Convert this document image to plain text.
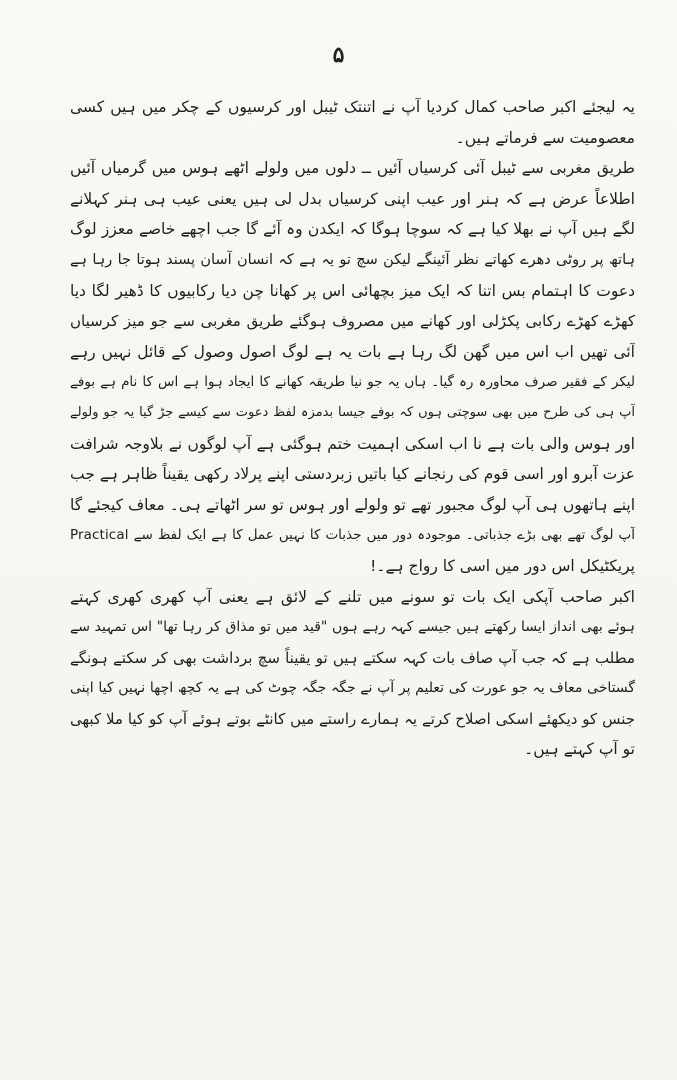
۵
یہ لیجئے اکبر صاحب کمال کردیا آپ نے اتنتک ٹیبل اور کرسیوں کے چکر میں ہیں کسی
معصومیت سے فرماتے ہیں۔
طریق مغربی سے ٹیبل آئی کرسیاں آئیں ــ دلوں میں ولولے اٹھے ہوس میں گرمیاں آئیں
اطلاعاً عرض ہے کہ ہنر اور عیب اپنی کرسیاں بدل لی ہیں یعنی عیب ہی ہنر کہلانے
لگے ہیں آپ نے بھلا کیا ہے کہ سوچا ہوگا کہ ایکدن وہ آئے گا جب اچھے خاصے معزز لوگ
ہاتھ پر روٹی دھرے کھاتے نظر آئینگے لیکن سچ تو یہ ہے کہ انسان آسان پسند ہوتا جا رہا ہے
دعوت کا اہتمام بس اتنا کہ ایک میز بچھائی اس پر کھانا چن دیا رکابیوں کا ڈھیر لگا دیا
کھڑے کھڑے رکابی پکڑلی اور کھانے میں مصروف ہوگئے طریق مغربی سے جو میز کرسیاں
آئی تھیں اب اس میں گھن لگ رہا ہے بات یہ ہے لوگ اصول وصول کے قائل نہیں رہے
لیکر کے فقیر صرف محاورہ رہ گیا۔ ہاں یہ جو نیا طریقہ کھانے کا ایجاد ہوا ہے اس کا نام ہے بوفے
آپ ہی کی طرح میں بھی سوچتی ہوں کہ بوفے جیسا بدمزہ لفظ دعوت سے کیسے جڑ گیا یہ جو ولولے
اور ہوس والی بات ہے نا اب اسکی اہمیت ختم ہوگئی ہے آپ لوگوں نے بلاوجہ شرافت
عزت آبرو اور اسی قوم کی رنجانے کیا باتیں زبردستی اپنے پرلاد رکھی یقیناً ظاہر ہے جب
اپنے ہاتھوں ہی آپ لوگ مجبور تھے تو ولولے اور ہوس تو سر اٹھاتے ہی۔ معاف کیجئے گا
آپ لوگ تھے بھی بڑے جذباتی۔ موجودہ دور میں جذبات کا نہیں عمل کا ہے ایک لفظ سے Practical
پریکٹیکل اس دور میں اسی کا رواج ہے۔!
اکبر صاحب آپکی ایک بات تو سونے میں تلنے کے لائق ہے یعنی آپ کھری کھری کہتے
ہوئے بھی انداز ایسا رکھتے ہیں جیسے کہہ رہے ہوں "قید میں تو مذاق کر رہا تھا" اس تمہید سے
مطلب ہے کہ جب آپ صاف بات کہہ سکتے ہیں تو یقیناً سچ برداشت بھی کر سکتے ہونگے
گستاخی معاف یہ جو عورت کی تعلیم پر آپ نے جگہ جگہ چوٹ کی ہے یہ کچھ اچھا نہیں کیا اپنی
جنس کو دیکھئے اسکی اصلاح کرتے یہ ہمارے راستے میں کانٹے بوتے ہوئے آپ کو کیا ملا کبھی
تو آپ کہتے ہیں۔
